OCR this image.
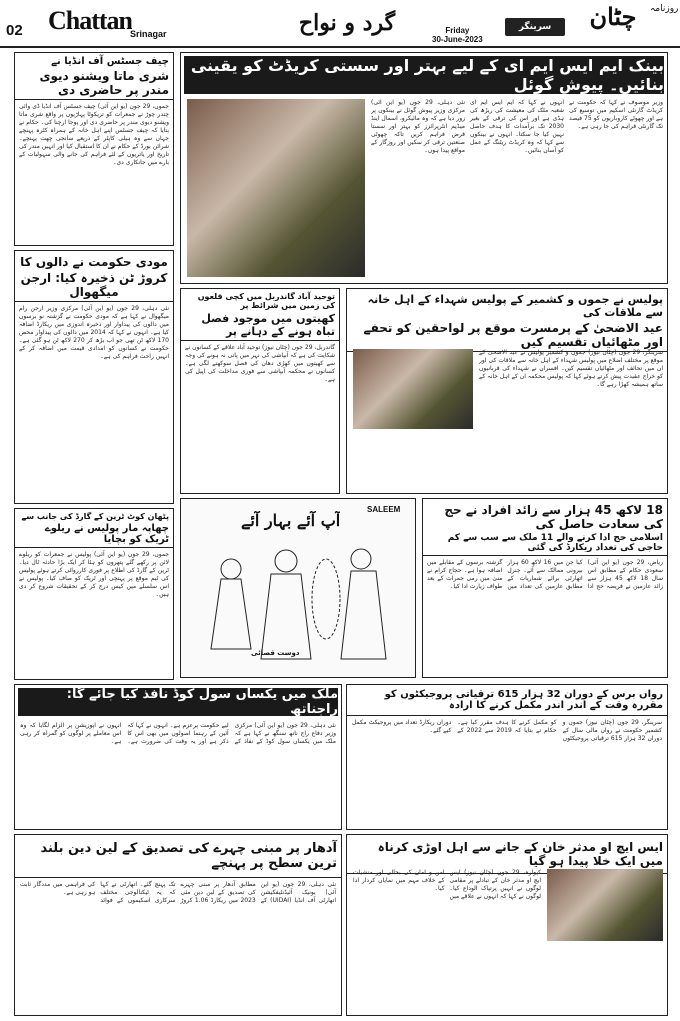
02 Chattan
Srinagar	گرد و نواح	Friday
30-June-2023
سرینگر	چٹان	روزنامہ
چیف جسٹس آف انڈیا نے
شری ماتا ویشنو دیوی مندر پر حاضری دی
جموں، 29 جون (یو این آئی) چیف جسٹس آف انڈیا ڈی وائی چندر چوڑ نے جمعرات کو تریکوٹا پہاڑیوں پر واقع شری ماتا ویشنو دیوی مندر پر حاضری دی اور پوجا ارچنا کی۔ حکام نے بتایا کہ چیف جسٹس اپنے اہل خانہ کے ہمراہ کٹرہ پہنچے جہاں سے وہ ہیلی کاپٹر کے ذریعے سانجی چھت پہنچے۔ شرائن بورڈ کے حکام نے ان کا استقبال کیا اور انہیں مندر کی تاریخ اور یاتریوں کے لئے فراہم کی جانے والی سہولیات کے بارے میں جانکاری دی۔
مودی حکومت نے دالوں کا
کروڑ ٹن ذخیرہ کیا: ارجن میگھوال
نئی دہلی، 29 جون (یو این آئی) مرکزی وزیر ارجن رام میگھوال نے کہا ہے کہ مودی حکومت نے گزشتہ نو برسوں میں دالوں کی پیداوار اور ذخیرہ اندوزی میں ریکارڈ اضافہ کیا ہے۔ انہوں نے کہا کہ 2014 میں دالوں کی پیداوار محض 170 لاکھ ٹن تھی جو اب بڑھ کر 270 لاکھ ٹن ہو گئی ہے۔ حکومت نے کسانوں کو امدادی قیمت میں اضافہ کر کے انہیں راحت فراہم کی ہے۔
پٹھان کوٹ ٹرین کے گارڈ کی جانب سے
چھاپہ مار پولیس نے ریلوے ٹریک کو بچایا
جموں، 29 جون (یو این آئی) پولیس نے جمعرات کو ریلوے لائن پر رکھے گئے پتھروں کو ہٹا کر ایک بڑا حادثہ ٹال دیا۔ ٹرین کے گارڈ کی اطلاع پر فوری کارروائی کرتے ہوئے پولیس کی ٹیم موقع پر پہنچی اور ٹریک کو صاف کیا۔ پولیس نے اس سلسلے میں کیس درج کر کے تحقیقات شروع کر دی ہیں۔
بینک ایم ایس ایم ای کے لیے بہتر اور سستی کریڈٹ کو یقینی بنائیں۔ پیوش گوئل
نئی دہلی، 29 جون (یو این آئی) مرکزی وزیر پیوش گوئل نے بینکوں پر زور دیا ہے کہ وہ مائیکرو، اسمال اینڈ میڈیم انٹرپرائزز کو بہتر اور سستا قرض فراہم کریں تاکہ چھوٹی صنعتیں ترقی کر سکیں اور روزگار کے مواقع پیدا ہوں۔
انہوں نے کہا کہ ایم ایس ایم ای شعبہ ملک کی معیشت کی ریڑھ کی ہڈی ہے اور اس کی ترقی کے بغیر 2030 تک برآمدات کا ہدف حاصل نہیں کیا جا سکتا۔ انہوں نے بینکوں سے کہا کہ وہ کریڈٹ ریٹنگ کے عمل کو آسان بنائیں۔
وزیر موصوف نے کہا کہ حکومت نے کریڈٹ گارنٹی اسکیم میں توسیع کی ہے اور چھوٹے کاروباریوں کو 75 فیصد تک گارنٹی فراہم کی جا رہی ہے۔
توحید آباد گاندربل میں کچی قلعوں کی زمین میں شرائط پر
کھیتوں میں موجود فصل تباہ ہونے کے دہانے پر
گاندربل، 29 جون (چٹان نیوز) توحید آباد علاقے کے کسانوں نے شکایت کی ہے کہ آبپاشی کی نہر میں پانی نہ ہونے کی وجہ سے کھیتوں میں کھڑی دھان کی فصل سوکھنے لگی ہے۔ کسانوں نے محکمہ آبپاشی سے فوری مداخلت کی اپیل کی ہے۔
پولیس نے جموں و کشمیر کے پولیس شہداء کے اہل خانہ سے ملاقات کی
عید الاضحیٰ کے پرمسرت موقع پر لواحقین کو تحفے اور مٹھائیاں تقسیم کیں
سرینگر، 29 جون (چٹان نیوز) جموں و کشمیر پولیس نے عید الاضحیٰ کے موقع پر مختلف اضلاع میں پولیس شہداء کے اہل خانہ سے ملاقات کی اور ان میں تحائف اور مٹھائیاں تقسیم کیں۔ افسران نے شہداء کی قربانیوں کو خراج عقیدت پیش کرتے ہوئے کہا کہ پولیس محکمہ ان کے اہل خانہ کے ساتھ ہمیشہ کھڑا رہے گا۔
آپ آئے بہار آئے
SALEEM
دوست قصائی
18 لاکھ 45 ہزار سے زائد افراد نے حج کی سعادت حاصل کی
اسلامی حج ادا کرنے والے 11 ملک سے سب سے کم حاجی کی تعداد ریکارڈ کی گئی
ریاض، 29 جون (یو این آئی) سعودی حکام کے مطابق اس سال 18 لاکھ 45 ہزار سے زائد عازمین نے فریضہ حج ادا کیا جن میں 16 لاکھ 60 ہزار بیرونی ممالک سے آئے۔ جنرل اتھارٹی برائے شماریات کے مطابق عازمین کی تعداد میں گزشتہ برسوں کے مقابلے میں اضافہ ہوا ہے۔ حجاج کرام نے منیٰ میں رمی جمرات کے بعد طواف زیارت ادا کیا۔
ملک میں یکساں سول کوڈ نافذ کیا جائے گا: راجناتھ
نئی دہلی، 29 جون (یو این آئی) مرکزی وزیر دفاع راج ناتھ سنگھ نے کہا ہے کہ ملک میں یکساں سول کوڈ کے نفاذ کے لیے حکومت پرعزم ہے۔ انہوں نے کہا کہ آئین کے رہنما اصولوں میں بھی اس کا ذکر ہے اور یہ وقت کی ضرورت ہے۔ انہوں نے اپوزیشن پر الزام لگایا کہ وہ اس معاملے پر لوگوں کو گمراہ کر رہی ہے۔
رواں برس کے دوران 32 ہزار 615 ترقیاتی پروجیکٹوں کو مقررہ وقت کے اندر اندر مکمل کرنے کا ارادہ
سرینگر، 29 جون (چٹان نیوز) جموں و کشمیر حکومت نے رواں مالی سال کے دوران 32 ہزار 615 ترقیاتی پروجیکٹوں کو مکمل کرنے کا ہدف مقرر کیا ہے۔ حکام نے بتایا کہ 2019 سے 2022 کے دوران ریکارڈ تعداد میں پروجیکٹ مکمل کیے گئے۔
آدھار پر مبنی چہرے کی تصدیق کے لین دین بلند ترین سطح پر پہنچے
نئی دہلی، 29 جون (یو این آئی) یونیک آئیڈنٹیفکیشن اتھارٹی آف انڈیا (UIDAI) کے مطابق آدھار پر مبنی چہرے کی تصدیق کے لین دین مئی 2023 میں ریکارڈ 1.06 کروڑ تک پہنچ گئے۔ اتھارٹی نے کہا کہ یہ ٹیکنالوجی مختلف سرکاری اسکیموں کے فوائد کی فراہمی میں مددگار ثابت ہو رہی ہے۔
ایس ایچ او مدثر خان کے جانے سے اہل اوڑی کرناہ میں ایک خلا پیدا ہو گیا
کپوارہ، 29 جون (چٹان نیوز) ایس ایچ او مدثر خان کے تبادلے پر مقامی لوگوں نے انہیں پرتپاک الوداع کیا۔ لوگوں نے کہا کہ انہوں نے علاقے میں امن و امان کی بحالی اور منشیات کے خلاف مہم میں نمایاں کردار ادا کیا۔
